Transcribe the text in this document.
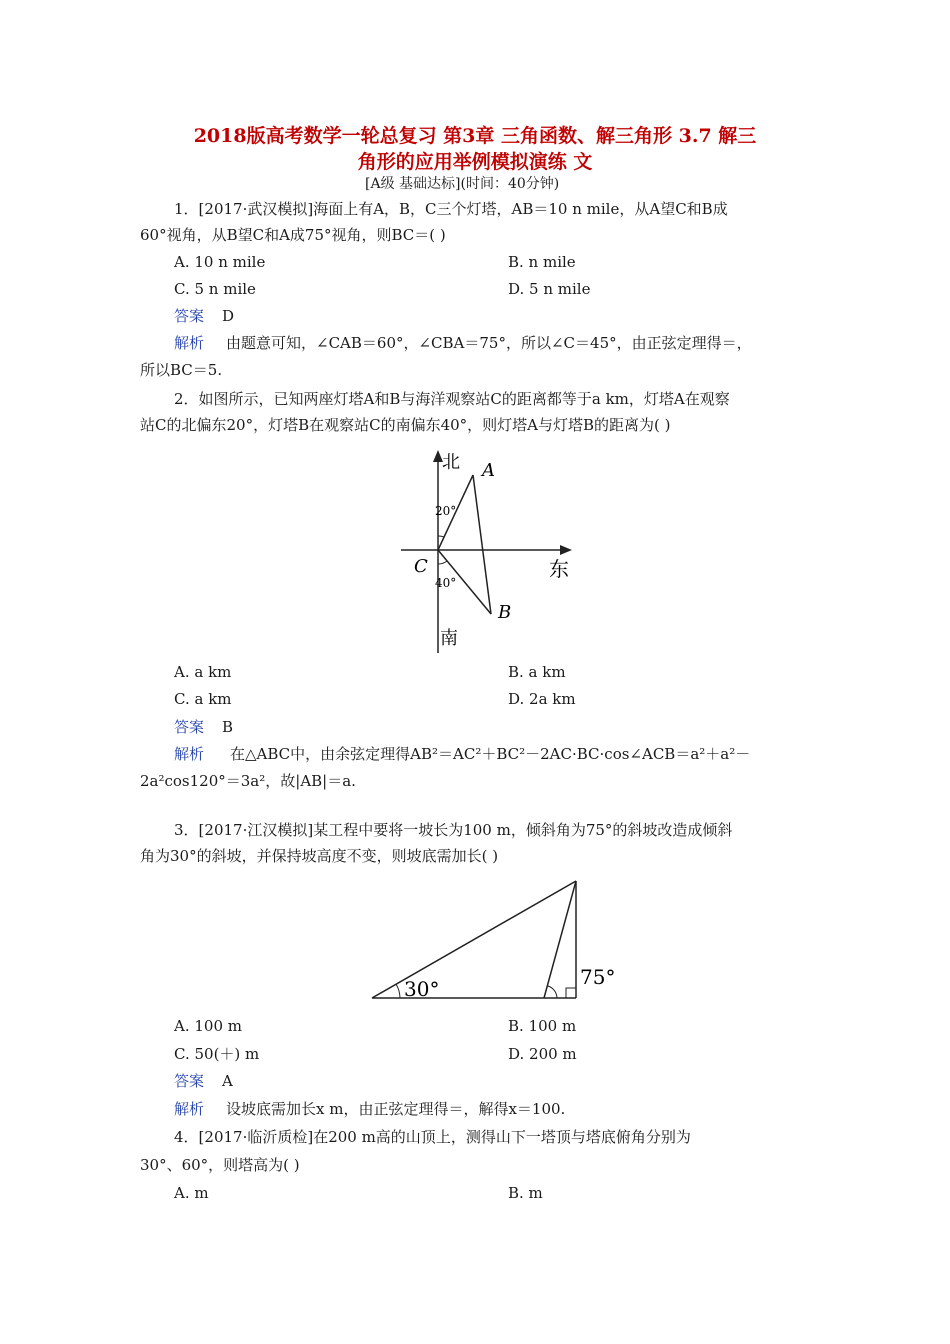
2018版高考数学一轮总复习 第3章 三角函数、解三角形 3.7 解三
角形的应用举例模拟演练 文
[A级 基础达标](时间：40分钟)
1．[2017·武汉模拟]海面上有A，B，C三个灯塔，AB＝10 n mile，从A望C和B成
60°视角，从B望C和A成75°视角，则BC＝( )
A. 10 n mile	B. n mile
C. 5 n mile	D. 5 n mile
答案 D
解析 由题意可知，∠CAB＝60°，∠CBA＝75°，所以∠C＝45°，由正弦定理得＝，
所以BC＝5.
2．如图所示，已知两座灯塔A和B与海洋观察站C的距离都等于a km，灯塔A在观察
站C的北偏东20°，灯塔B在观察站C的南偏东40°，则灯塔A与灯塔B的距离为( )
北 A
20°
C	东
40°
B
南
A. a km	B. a km
C. a km	D. 2a km
答案 B
解析 在△ABC中，由余弦定理得AB²＝AC²＋BC²－2AC·BC·cos∠ACB＝a²＋a²－
2a²cos120°＝3a²，故|AB|＝a.
3．[2017·江汉模拟]某工程中要将一坡长为100 m，倾斜角为75°的斜坡改造成倾斜
角为30°的斜坡，并保持坡高度不变，则坡底需加长( )
30°	75°
A. 100 m	B. 100 m
C. 50(＋) m	D. 200 m
答案 A
解析 设坡底需加长x m，由正弦定理得＝，解得x＝100.
4．[2017·临沂质检]在200 m高的山顶上，测得山下一塔顶与塔底俯角分别为
30°、60°，则塔高为( )
A. m	B. m
